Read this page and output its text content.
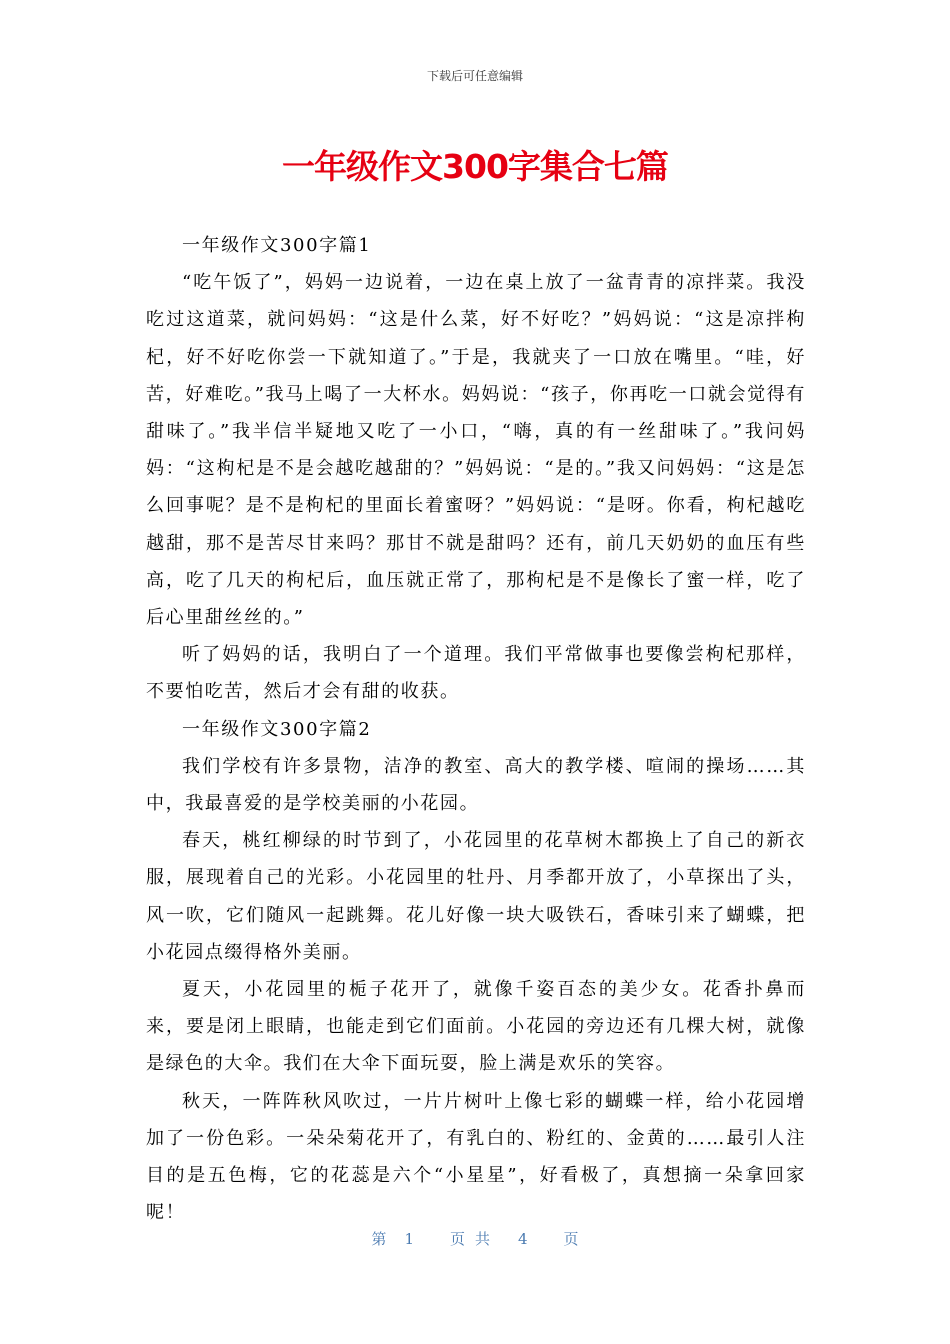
下载后可任意编辑
一年级作文300字集合七篇

一年级作文300字篇1

“吃午饭了”，妈妈一边说着，一边在桌上放了一盆青青的凉拌菜。我没吃过这道菜，就问妈妈：“这是什么菜，好不好吃？”妈妈说：“这是凉拌枸杞，好不好吃你尝一下就知道了。”于是，我就夹了一口放在嘴里。“哇，好苦，好难吃。”我马上喝了一大杯水。妈妈说：“孩子，你再吃一口就会觉得有甜味了。”我半信半疑地又吃了一小口，“嗨，真的有一丝甜味了。”我问妈妈：“这枸杞是不是会越吃越甜的？”妈妈说：“是的。”我又问妈妈：“这是怎么回事呢？是不是枸杞的里面长着蜜呀？”妈妈说：“是呀。你看，枸杞越吃越甜，那不是苦尽甘来吗？那甘不就是甜吗？还有，前几天奶奶的血压有些高，吃了几天的枸杞后，血压就正常了，那枸杞是不是像长了蜜一样，吃了后心里甜丝丝的。”

听了妈妈的话，我明白了一个道理。我们平常做事也要像尝枸杞那样，不要怕吃苦，然后才会有甜的收获。

一年级作文300字篇2

我们学校有许多景物，洁净的教室、高大的教学楼、喧闹的操场……其中，我最喜爱的是学校美丽的小花园。

春天，桃红柳绿的时节到了，小花园里的花草树木都换上了自己的新衣服，展现着自己的光彩。小花园里的牡丹、月季都开放了，小草探出了头，风一吹，它们随风一起跳舞。花儿好像一块大吸铁石，香味引来了蝴蝶，把小花园点缀得格外美丽。

夏天，小花园里的栀子花开了，就像千姿百态的美少女。花香扑鼻而来，要是闭上眼睛，也能走到它们面前。小花园的旁边还有几棵大树，就像是绿色的大伞。我们在大伞下面玩耍，脸上满是欢乐的笑容。

秋天，一阵阵秋风吹过，一片片树叶上像七彩的蝴蝶一样，给小花园增加了一份色彩。一朵朵菊花开了，有乳白的、粉红的、金黄的……最引人注目的是五色梅，它的花蕊是六个“小星星”，好看极了，真想摘一朵拿回家呢！

第 1 页共 4 页
